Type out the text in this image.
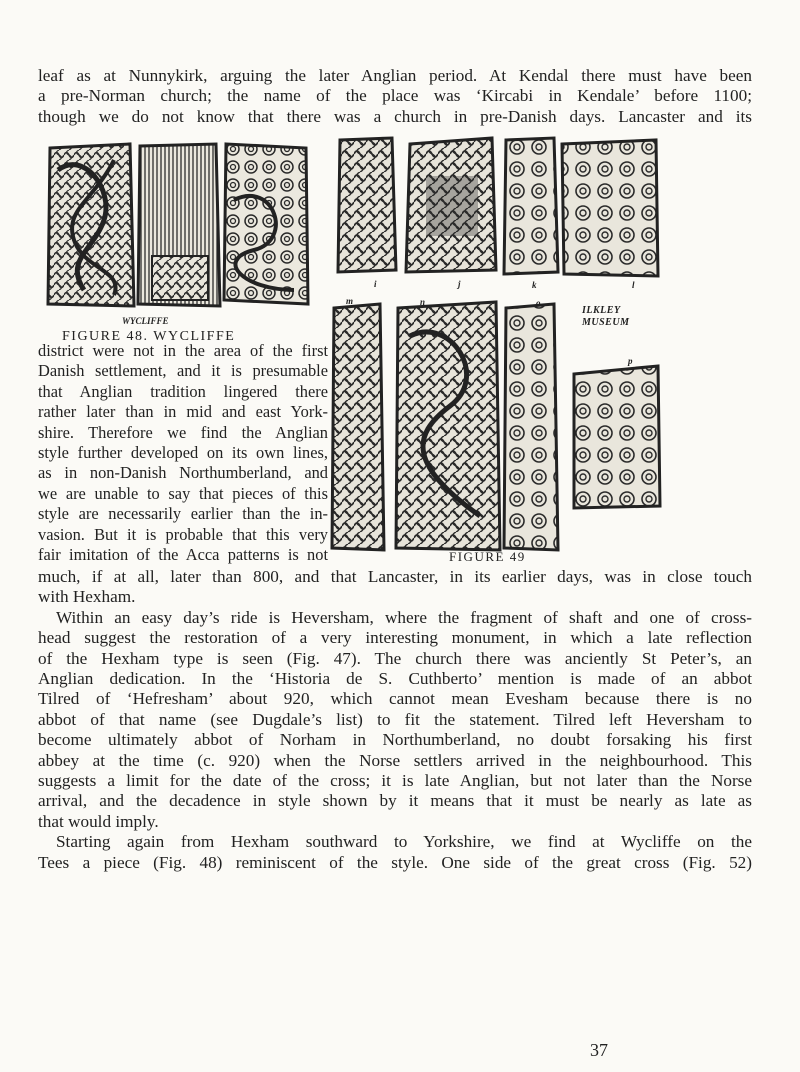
leaf as at Nunnykirk, arguing the later Anglian period. At Kendal there must have been
a pre-Norman church; the name of the place was ‘Kircabi in Kendale’ before 1100;
though we do not know that there was a church in pre-Danish days. Lancaster and its
WYCLIFFE
FIGURE 48. WYCLIFFE
m
i	j	k	l
n	o
p
ILKLEY MUSEUM
FIGURE 49
district were not in the area of the first
Danish settlement, and it is presumable
that Anglian tradition lingered there
rather later than in mid and east York-
shire. Therefore we find the Anglian
style further developed on its own lines,
as in non-Danish Northumberland, and
we are unable to say that pieces of this
style are necessarily earlier than the in-
vasion. But it is probable that this very
fair imitation of the Acca patterns is not
much, if at all, later than 800, and that Lancaster, in its earlier days, was in close touch
with Hexham.
Within an easy day’s ride is Heversham, where the fragment of shaft and one of cross-
head suggest the restoration of a very interesting monument, in which a late reflection
of the Hexham type is seen (Fig. 47). The church there was anciently St Peter’s, an
Anglian dedication. In the ‘Historia de S. Cuthberto’ mention is made of an abbot
Tilred of ‘Hefresham’ about 920, which cannot mean Evesham because there is no
abbot of that name (see Dugdale’s list) to fit the statement. Tilred left Heversham to
become ultimately abbot of Norham in Northumberland, no doubt forsaking his first
abbey at the time (c. 920) when the Norse settlers arrived in the neighbourhood. This
suggests a limit for the date of the cross; it is late Anglian, but not later than the Norse
arrival, and the decadence in style shown by it means that it must be nearly as late as
that would imply.
Starting again from Hexham southward to Yorkshire, we find at Wycliffe on the
Tees a piece (Fig. 48) reminiscent of the style. One side of the great cross (Fig. 52)
37
